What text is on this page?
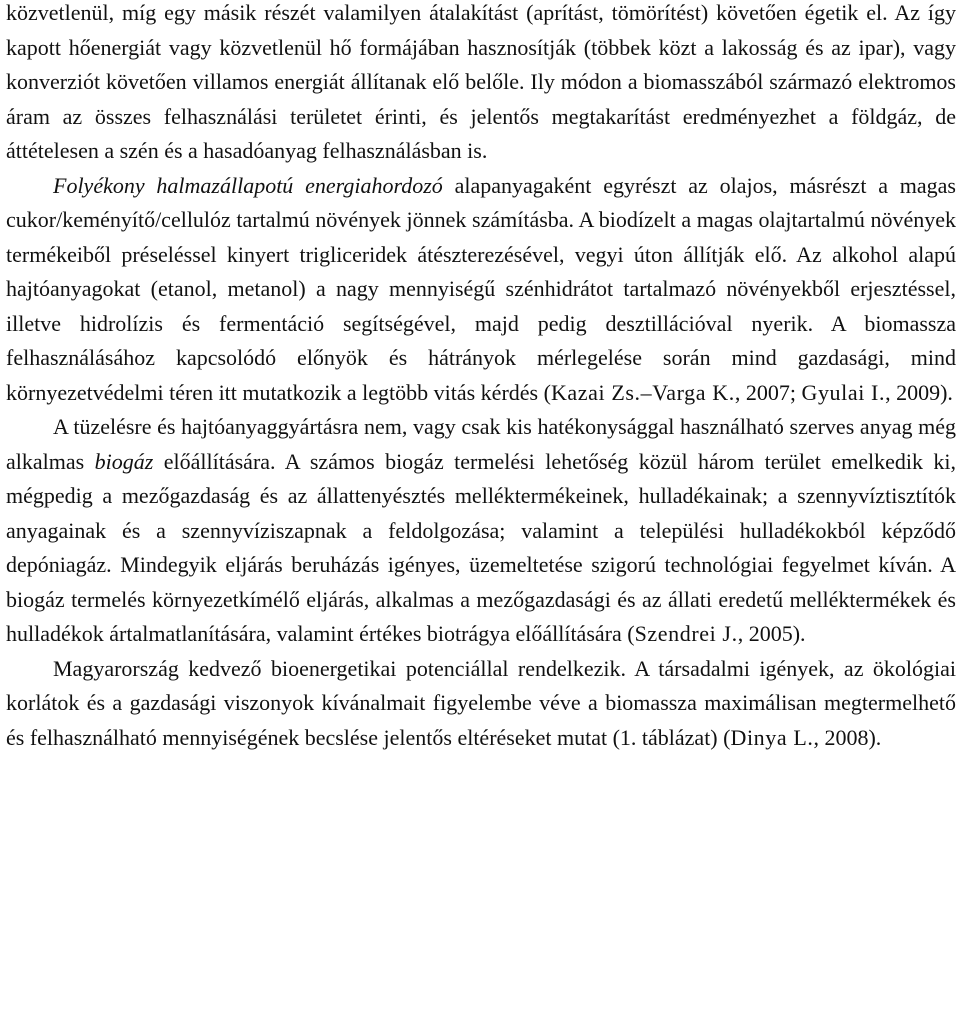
közvetlenül, míg egy másik részét valamilyen átalakítást (aprítást, tömörítést) követően égetik el. Az így kapott hőenergiát vagy közvetlenül hő formájában hasznosítják (többek közt a lakosság és az ipar), vagy konverziót követően villamos energiát állítanak elő belőle. Ily módon a biomasszából származó elektromos áram az összes felhasználási területet érinti, és jelentős megtakarítást eredményezhet a földgáz, de áttételesen a szén és a hasadóanyag felhasználásban is.

Folyékony halmazállapotú energiahordozó alapanyagaként egyrészt az olajos, másrészt a magas cukor/keményítő/cellulóz tartalmú növények jönnek számításba. A biodízelt a magas olajtartalmú növények termékeiből préseléssel kinyert trigliceridek átészterezésével, vegyi úton állítják elő. Az alkohol alapú hajtóanyagokat (etanol, metanol) a nagy mennyiségű szénhidrátot tartalmazó növényekből erjesztéssel, illetve hidrolízis és fermentáció segítségével, majd pedig desztillációval nyerik. A biomassza felhasználásához kapcsolódó előnyök és hátrányok mérlegelése során mind gazdasági, mind környezetvédelmi téren itt mutatkozik a legtöbb vitás kérdés (Kazai Zs.–Varga K., 2007; Gyulai I., 2009).

A tüzelésre és hajtóanyaggyártásra nem, vagy csak kis hatékonysággal használható szerves anyag még alkalmas biogáz előállítására. A számos biogáz termelési lehetőség közül három terület emelkedik ki, mégpedig a mezőgazdaság és az állattenyésztés melléktermékeinek, hulladékainak; a szennyvíztisztítók anyagainak és a szennyvíziszapnak a feldolgozása; valamint a települési hulladékokból képződő depóniagáz. Mindegyik eljárás beruházás igényes, üzemeltetése szigorú technológiai fegyelmet kíván. A biogáz termelés környezetkímélő eljárás, alkalmas a mezőgazdasági és az állati eredetű melléktermékek és hulladékok ártalmatlanítására, valamint értékes biotrágya előállítására (Szendrei J., 2005).

Magyarország kedvező bioenergetikai potenciállal rendelkezik. A társadalmi igények, az ökológiai korlátok és a gazdasági viszonyok kívánalmait figyelembe véve a biomassza maximálisan megtermelhető és felhasználható mennyiségének becslése jelentős eltéréseket mutat (1. táblázat) (Dinya L., 2008).
